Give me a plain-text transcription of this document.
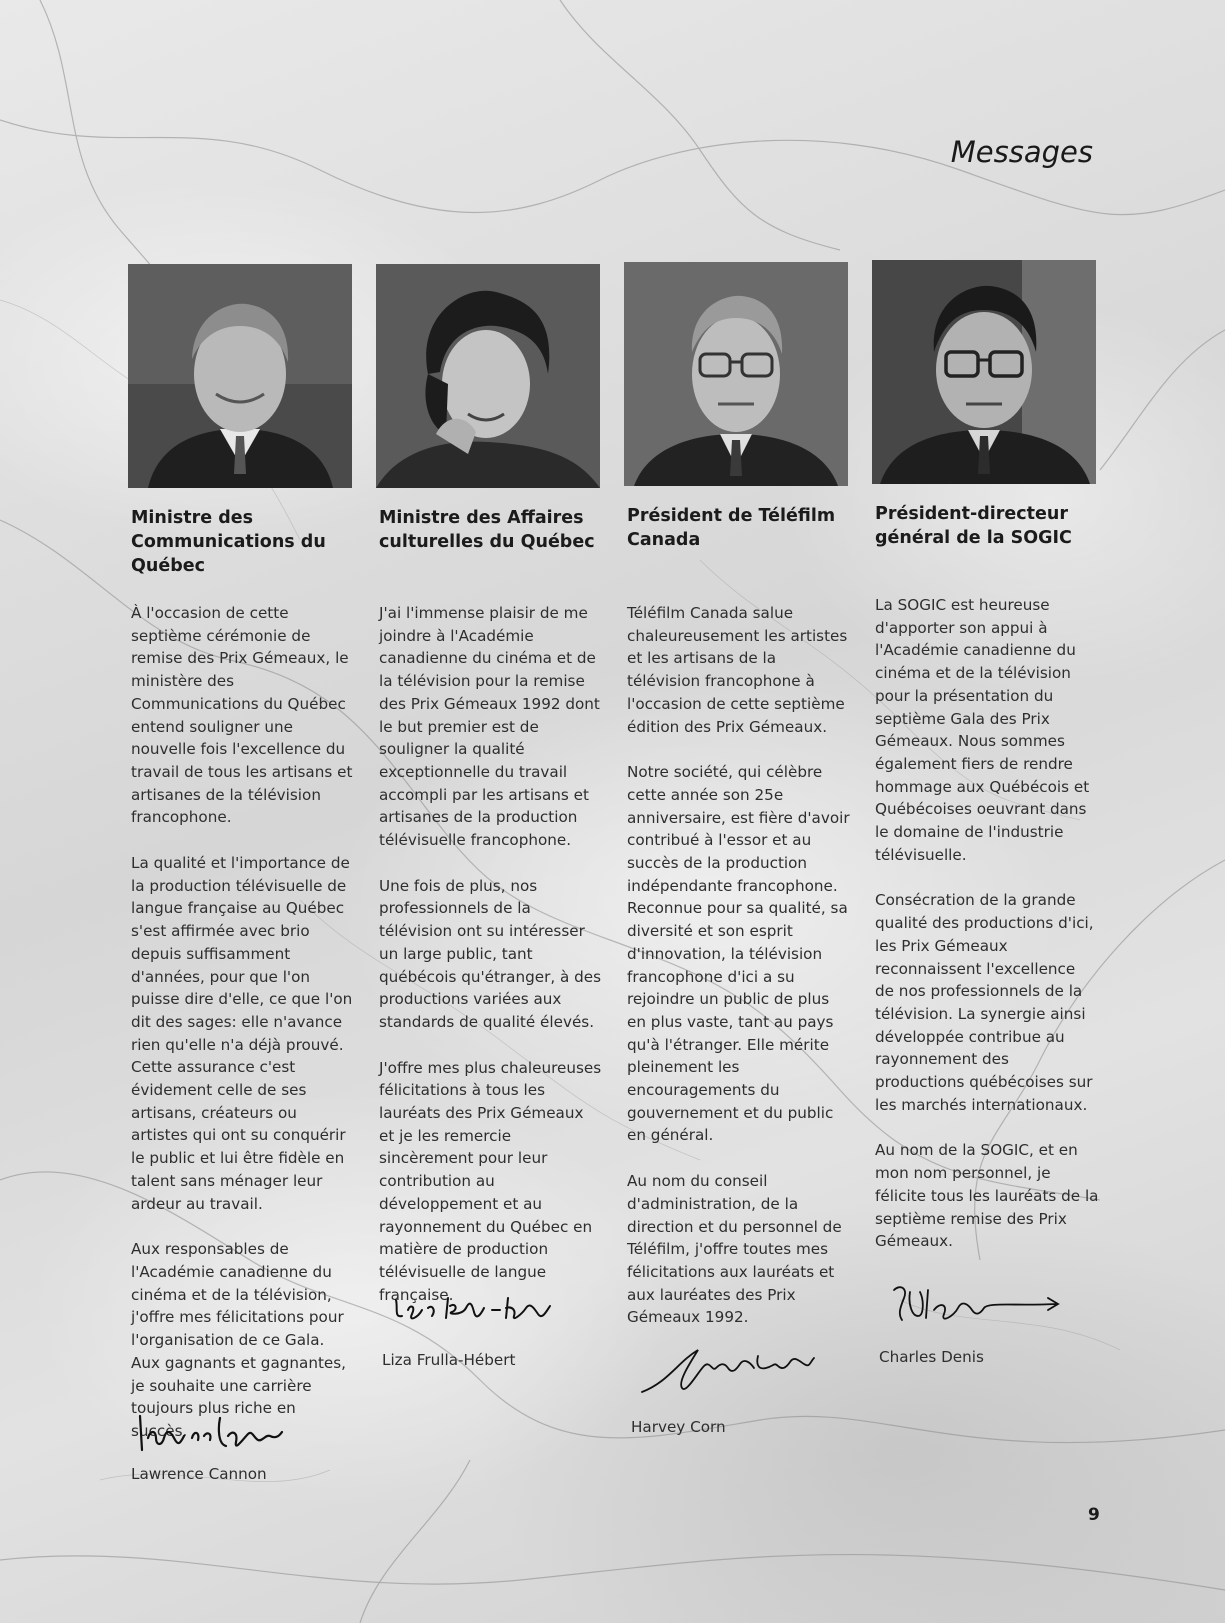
Messages
Ministre des Communications du Québec

À l'occasion de cette septième cérémonie de remise des Prix Gémeaux, le ministère des Communications du Québec entend souligner une nouvelle fois l'excellence du travail de tous les artisans et artisanes de la télévision francophone.

La qualité et l'importance de la production télévisuelle de langue française au Québec s'est affirmée avec brio depuis suffisamment d'années, pour que l'on puisse dire d'elle, ce que l'on dit des sages: elle n'avance rien qu'elle n'a déjà prouvé. Cette assurance c'est évidement celle de ses artisans, créateurs ou artistes qui ont su conquérir le public et lui être fidèle en talent sans ménager leur ardeur au travail.

Aux responsables de l'Académie canadienne du cinéma et de la télévision, j'offre mes félicitations pour l'organisation de ce Gala. Aux gagnants et gagnantes, je souhaite une carrière toujours plus riche en succès.

Lawrence Cannon
Ministre des Affaires culturelles du Québec

J'ai l'immense plaisir de me joindre à l'Académie canadienne du cinéma et de la télévision pour la remise des Prix Gémeaux 1992 dont le but premier est de souligner la qualité exceptionnelle du travail accompli par les artisans et artisanes de la production télévisuelle francophone.

Une fois de plus, nos professionnels de la télévision ont su intéresser un large public, tant québécois qu'étranger, à des productions variées aux standards de qualité élevés.

J'offre mes plus chaleureuses félicitations à tous les lauréats des Prix Gémeaux et je les remercie sincèrement pour leur contribution au développement et au rayonnement du Québec en matière de production télévisuelle de langue française.

Liza Frulla-Hébert
Président de Téléfilm Canada

Téléfilm Canada salue chaleureusement les artistes et les artisans de la télévision francophone à l'occasion de cette septième édition des Prix Gémeaux.

Notre société, qui célèbre cette année son 25e anniversaire, est fière d'avoir contribué à l'essor et au succès de la production indépendante francophone. Reconnue pour sa qualité, sa diversité et son esprit d'innovation, la télévision francophone d'ici a su rejoindre un public de plus en plus vaste, tant au pays qu'à l'étranger. Elle mérite pleinement les encouragements du gouvernement et du public en général.

Au nom du conseil d'administration, de la direction et du personnel de Téléfilm, j'offre toutes mes félicitations aux lauréats et aux lauréates des Prix Gémeaux 1992.

Harvey Corn
Président-directeur général de la SOGIC

La SOGIC est heureuse d'apporter son appui à l'Académie canadienne du cinéma et de la télévision pour la présentation du septième Gala des Prix Gémeaux. Nous sommes également fiers de rendre hommage aux Québécois et Québécoises oeuvrant dans le domaine de l'industrie télévisuelle.

Consécration de la grande qualité des productions d'ici, les Prix Gémeaux reconnaissent l'excellence de nos professionnels de la télévision. La synergie ainsi développée contribue au rayonnement des productions québécoises sur les marchés internationaux.

Au nom de la SOGIC, et en mon nom personnel, je félicite tous les lauréats de la septième remise des Prix Gémeaux.

Charles Denis
9
